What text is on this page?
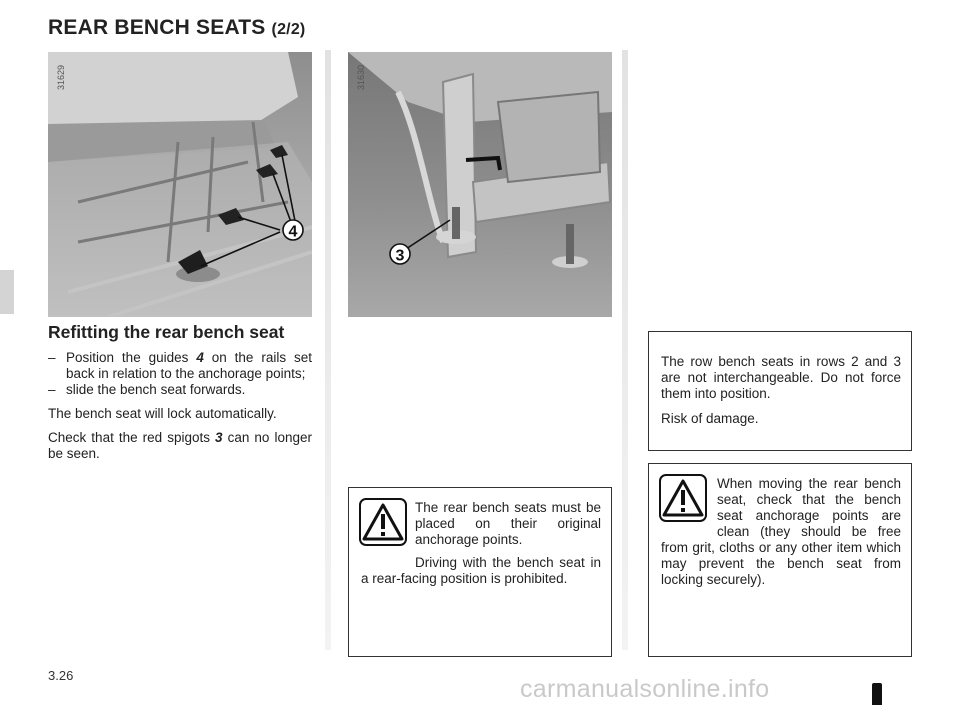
REAR BENCH SEATS (2/2)
4
31629
3
31630
Refitting the rear bench seat
– Position the guides 4 on the rails set back in relation to the anchorage points;
– slide the bench seat forwards.

The bench seat will lock automatically.

Check that the red spigots 3 can no longer be seen.

The rear bench seats must be placed on their original anchorage points.

Driving with the bench seat in a rear-facing position is prohibited.

The row bench seats in rows 2 and 3 are not interchangeable. Do not force them into position.

Risk of damage.

When moving the rear bench seat, check that the bench seat anchorage points are clean (they should be free from grit, cloths or any other item which may prevent the bench seat from locking securely).

3.26	carmanualsonline.info
